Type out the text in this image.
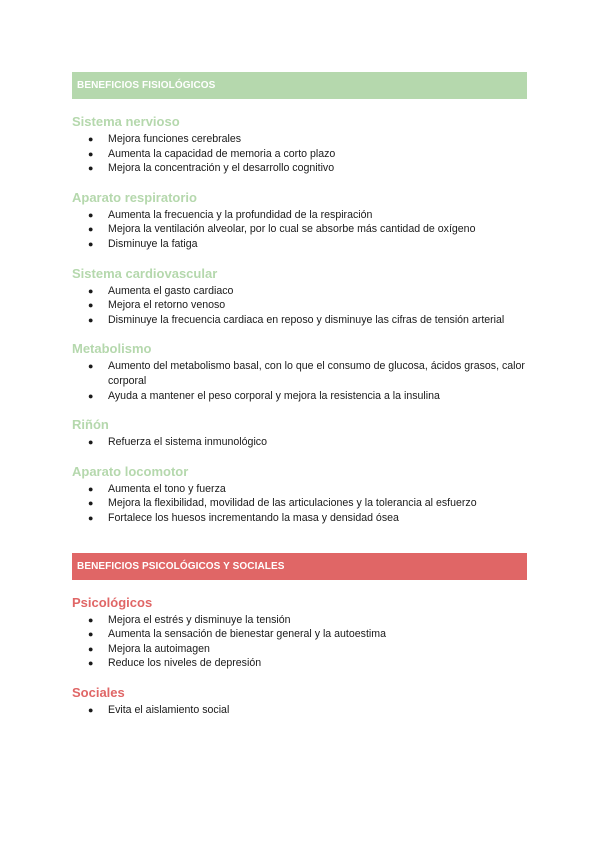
BENEFICIOS FISIOLÓGICOS
Sistema nervioso
● Mejora funciones cerebrales
● Aumenta la capacidad de memoria a corto plazo
● Mejora la concentración y el desarrollo cognitivo
Aparato respiratorio
● Aumenta la frecuencia y la profundidad de la respiración
● Mejora la ventilación alveolar, por lo cual se absorbe más cantidad de oxígeno
● Disminuye la fatiga
Sistema cardiovascular
● Aumenta el gasto cardiaco
● Mejora el retorno venoso
● Disminuye la frecuencia cardiaca en reposo y disminuye las cifras de tensión arterial
Metabolismo
● Aumento del metabolismo basal, con lo que el consumo de glucosa, ácidos grasos, calor corporal
● Ayuda a mantener el peso corporal y mejora la resistencia a la insulina
Riñón
● Refuerza el sistema inmunológico
Aparato locomotor
● Aumenta el tono y fuerza
● Mejora la flexibilidad, movilidad de las articulaciones y la tolerancia al esfuerzo
● Fortalece los huesos incrementando la masa y densidad ósea
BENEFICIOS PSICOLÓGICOS Y SOCIALES
Psicológicos
● Mejora el estrés y disminuye la tensión
● Aumenta la sensación de bienestar general y la autoestima
● Mejora la autoimagen
● Reduce los niveles de depresión
Sociales
● Evita el aislamiento social
